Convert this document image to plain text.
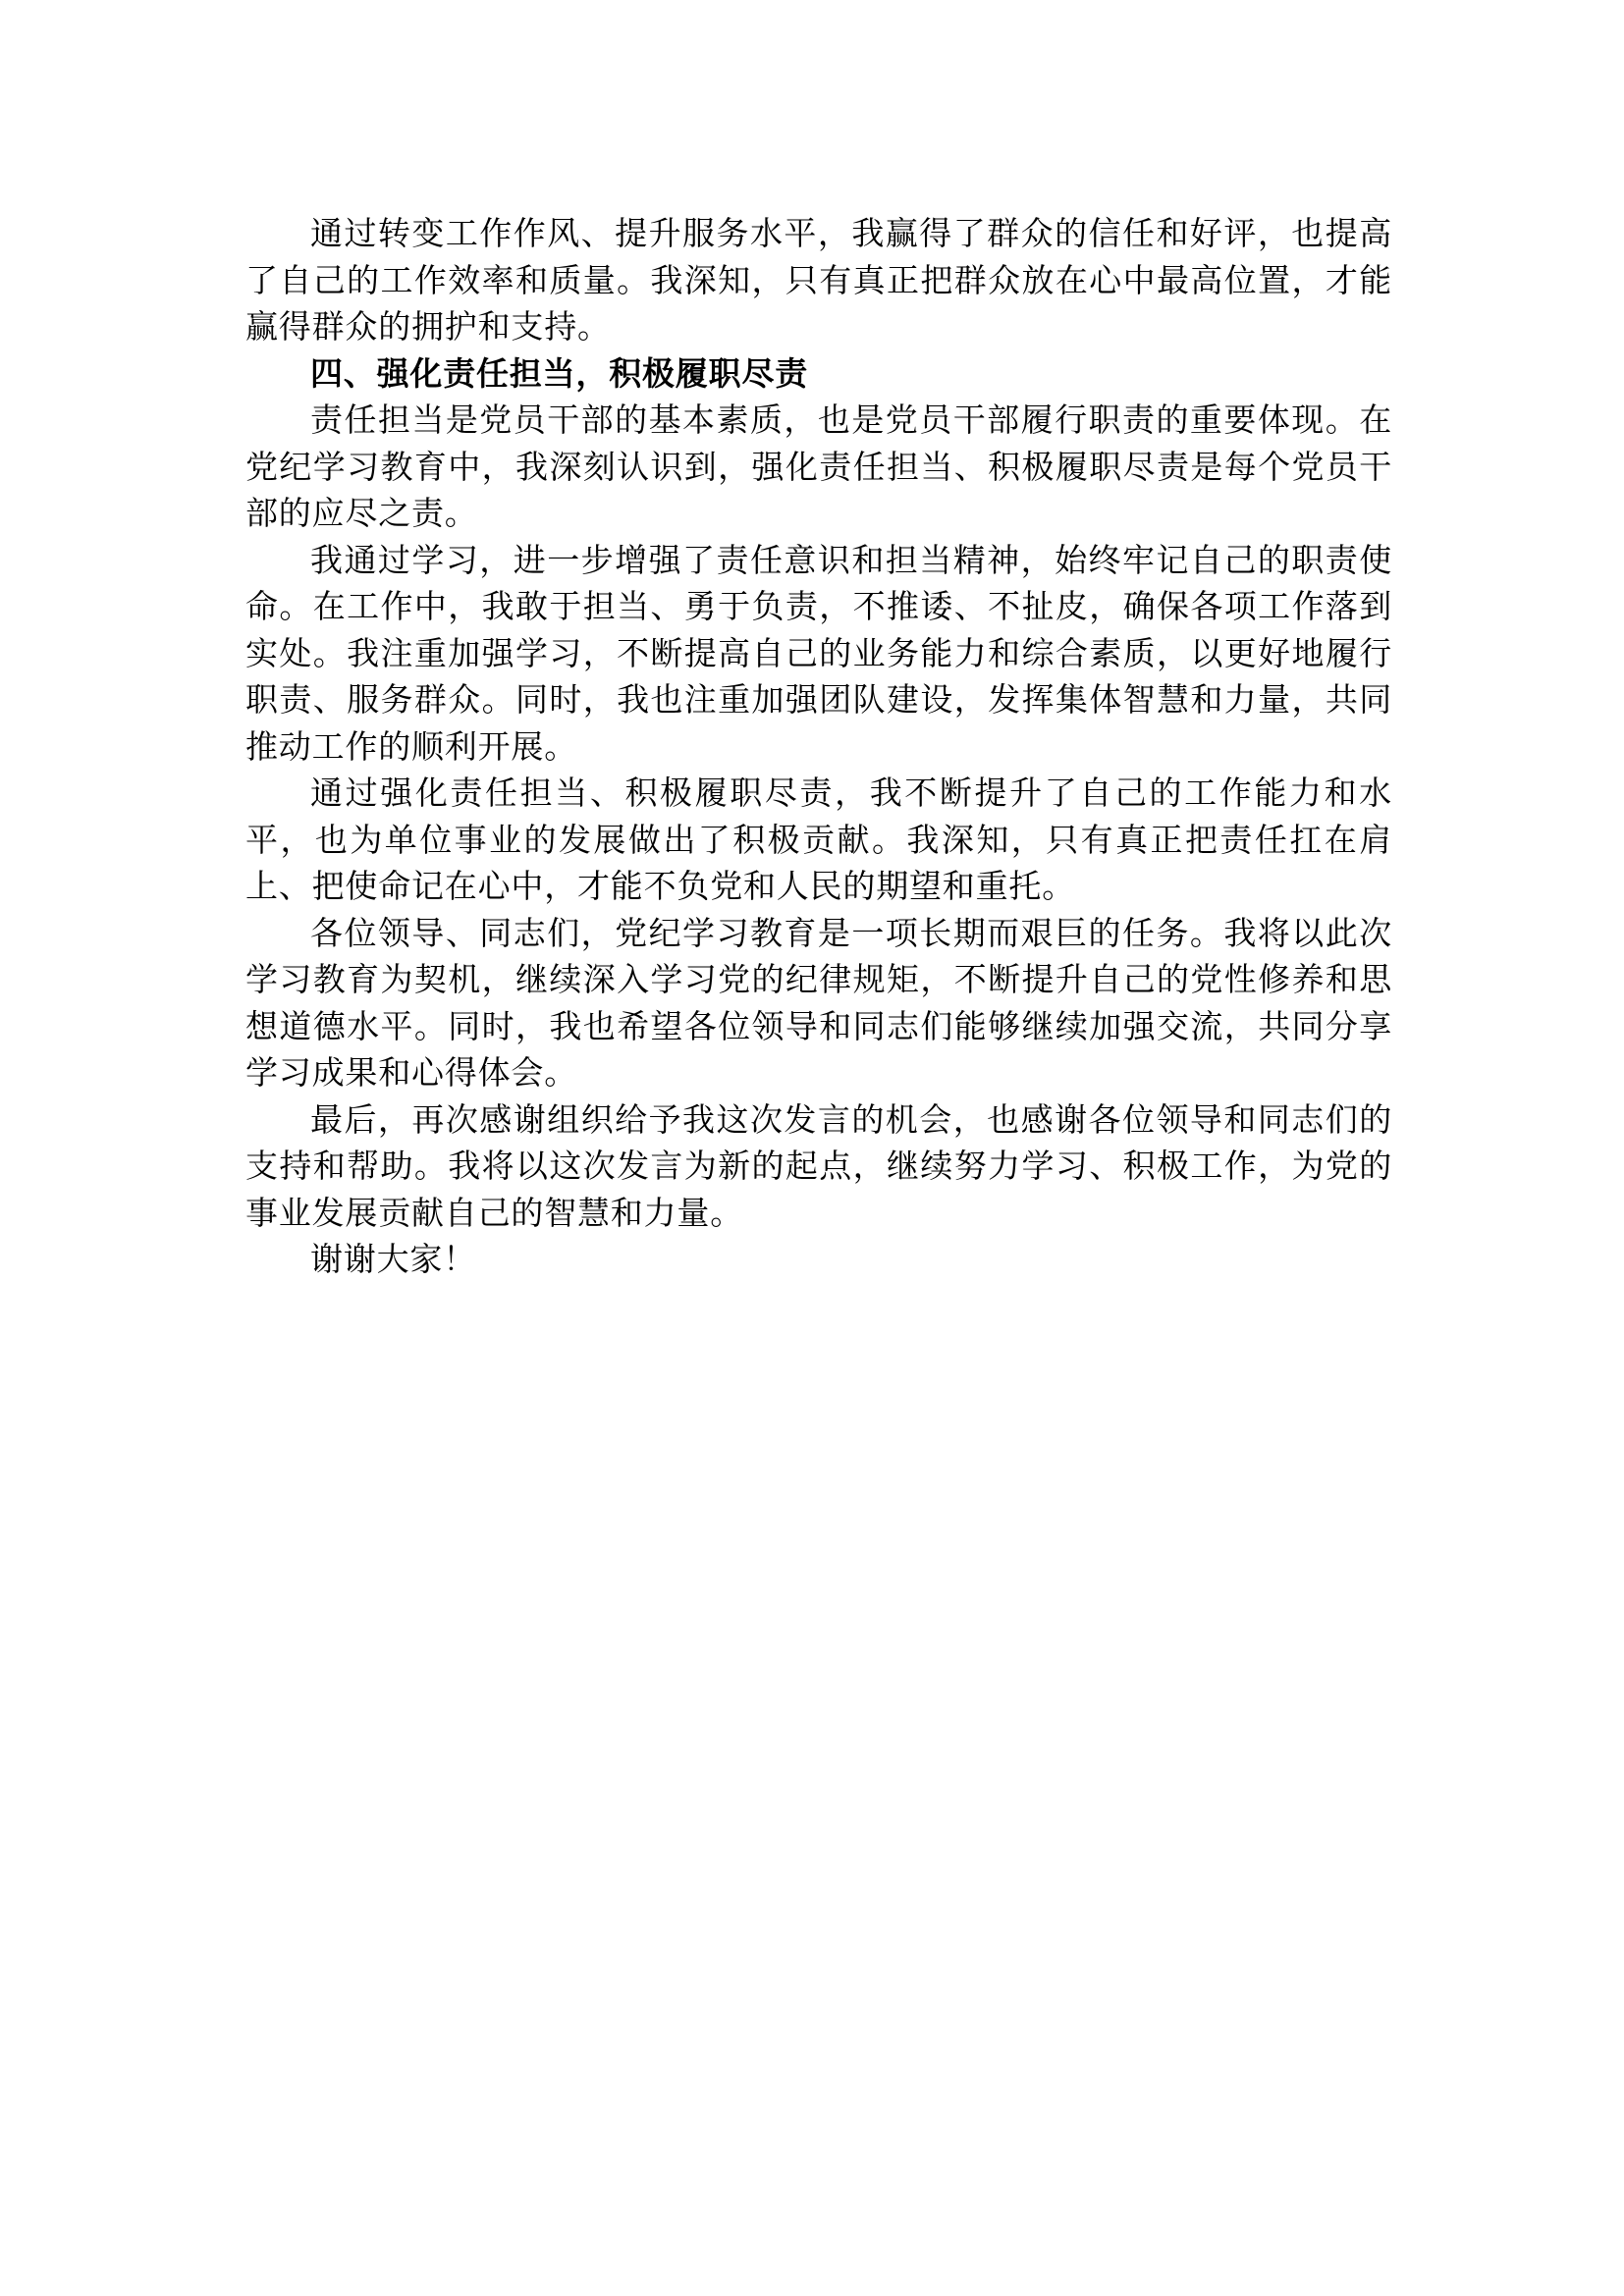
通过转变工作作风、提升服务水平，我赢得了群众的信任和好评，也提高了自己的工作效率和质量。我深知，只有真正把群众放在心中最高位置，才能赢得群众的拥护和支持。

四、强化责任担当，积极履职尽责

责任担当是党员干部的基本素质，也是党员干部履行职责的重要体现。在党纪学习教育中，我深刻认识到，强化责任担当、积极履职尽责是每个党员干部的应尽之责。

我通过学习，进一步增强了责任意识和担当精神，始终牢记自己的职责使命。在工作中，我敢于担当、勇于负责，不推诿、不扯皮，确保各项工作落到实处。我注重加强学习，不断提高自己的业务能力和综合素质，以更好地履行职责、服务群众。同时，我也注重加强团队建设，发挥集体智慧和力量，共同推动工作的顺利开展。

通过强化责任担当、积极履职尽责，我不断提升了自己的工作能力和水平，也为单位事业的发展做出了积极贡献。我深知，只有真正把责任扛在肩上、把使命记在心中，才能不负党和人民的期望和重托。

各位领导、同志们，党纪学习教育是一项长期而艰巨的任务。我将以此次学习教育为契机，继续深入学习党的纪律规矩，不断提升自己的党性修养和思想道德水平。同时，我也希望各位领导和同志们能够继续加强交流，共同分享学习成果和心得体会。

最后，再次感谢组织给予我这次发言的机会，也感谢各位领导和同志们的支持和帮助。我将以这次发言为新的起点，继续努力学习、积极工作，为党的事业发展贡献自己的智慧和力量。

谢谢大家！
